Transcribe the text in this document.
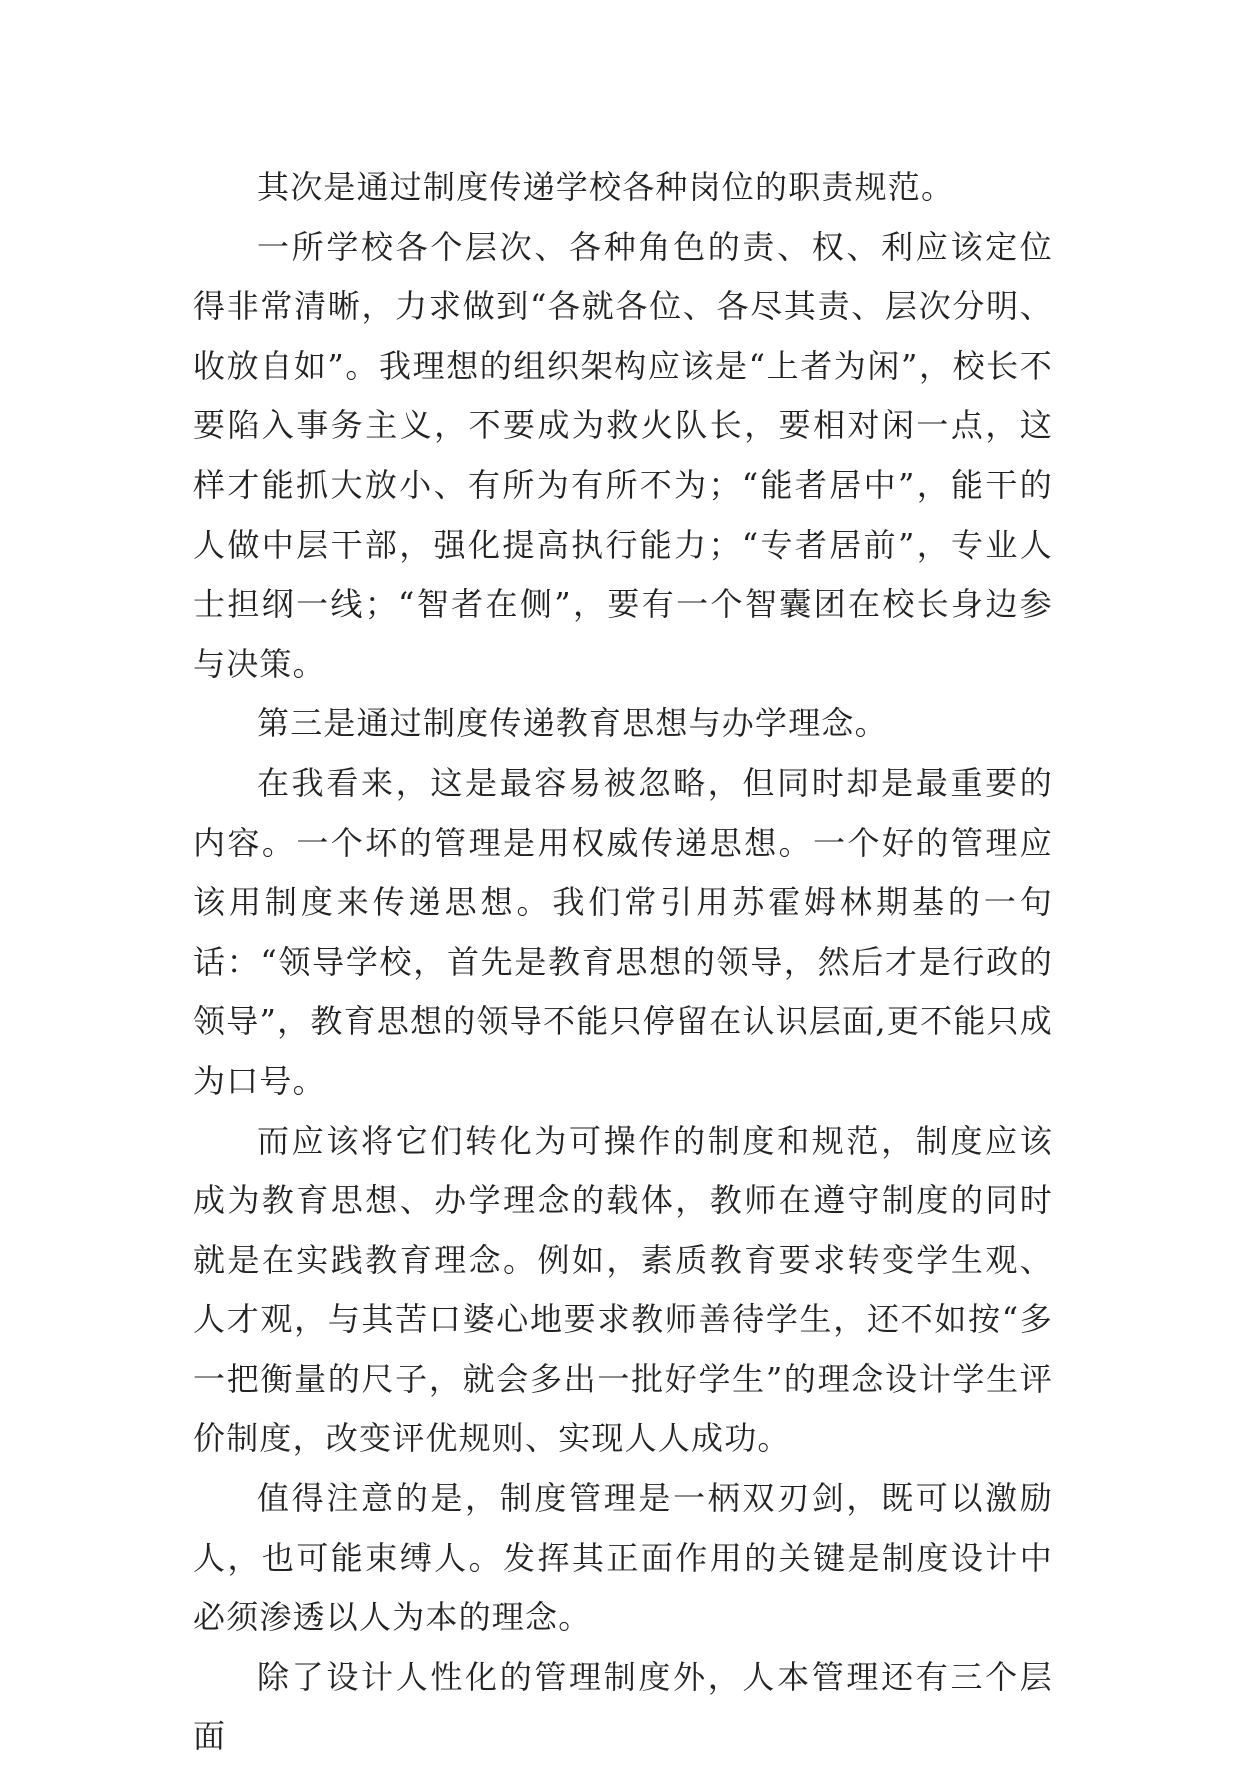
其次是通过制度传递学校各种岗位的职责规范。

一所学校各个层次、各种角色的责、权、利应该定位得非常清晰，力求做到“各就各位、各尽其责、层次分明、收放自如”。我理想的组织架构应该是“上者为闲”，校长不要陷入事务主义，不要成为救火队长，要相对闲一点，这样才能抓大放小、有所为有所不为；“能者居中”，能干的人做中层干部，强化提高执行能力；“专者居前”，专业人士担纲一线；“智者在侧”，要有一个智囊团在校长身边参与决策。

第三是通过制度传递教育思想与办学理念。

在我看来，这是最容易被忽略，但同时却是最重要的内容。一个坏的管理是用权威传递思想。一个好的管理应该用制度来传递思想。我们常引用苏霍姆林期基的一句话：“领导学校，首先是教育思想的领导，然后才是行政的领导”，教育思想的领导不能只停留在认识层面,更不能只成为口号。

而应该将它们转化为可操作的制度和规范，制度应该成为教育思想、办学理念的载体，教师在遵守制度的同时就是在实践教育理念。例如，素质教育要求转变学生观、人才观，与其苦口婆心地要求教师善待学生，还不如按“多一把衡量的尺子，就会多出一批好学生”的理念设计学生评价制度，改变评优规则、实现人人成功。

值得注意的是，制度管理是一柄双刃剑，既可以激励人，也可能束缚人。发挥其正面作用的关键是制度设计中必须渗透以人为本的理念。

除了设计人性化的管理制度外，人本管理还有三个层面
